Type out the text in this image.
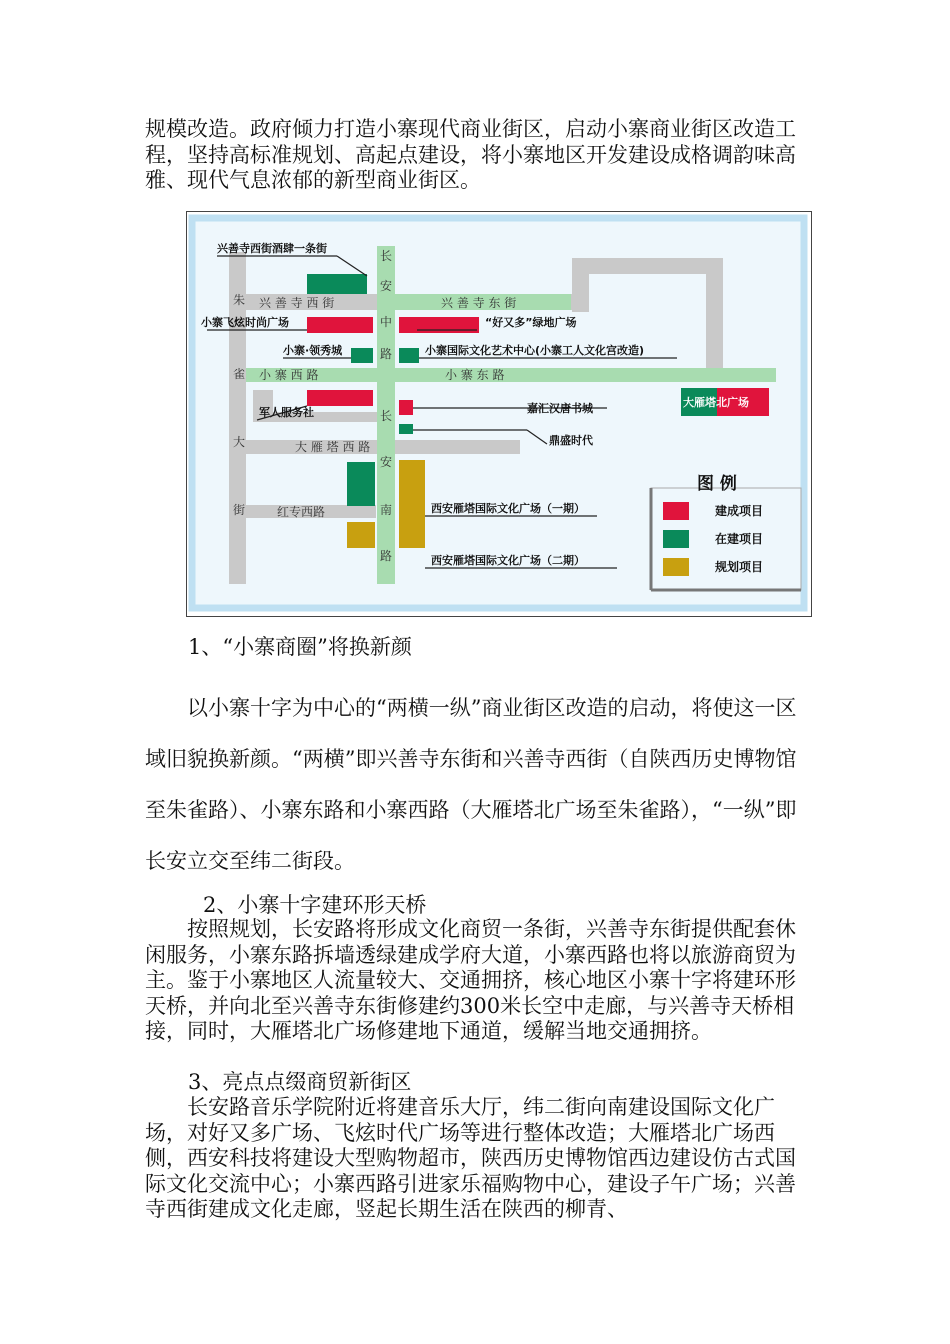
规模改造。政府倾力打造小寨现代商业街区，启动小寨商业街区改造工程，坚持高标准规划、高起点建设，将小寨地区开发建设成格调韵味高雅、现代气息浓郁的新型商业街区。

朱
雀
大
街
长
安
中
路
长
安
南
路
兴 善 寺 西 街	兴 善 寺 东 街
小 寨 西 路	小 寨 东 路
大 雁 塔 西 路
红专西路
兴善寺西街酒肆一条街
小寨飞炫时尚广场	“好又多”绿地广场
小寨·领秀城	小寨国际文化艺术中心(小寨工人文化宫改造)
大雁塔北广场
军人服务社	嘉汇汉唐书城
鼎盛时代
西安雁塔国际文化广场（一期）
西安雁塔国际文化广场（二期）
图 例
建成项目
在建项目
规划项目

1、“小寨商圈”将换新颜

以小寨十字为中心的“两横一纵”商业街区改造的启动，将使这一区域旧貌换新颜。“两横”即兴善寺东街和兴善寺西街（自陕西历史博物馆至朱雀路）、小寨东路和小寨西路（大雁塔北广场至朱雀路），“一纵”即长安立交至纬二街段。

2、小寨十字建环形天桥

按照规划，长安路将形成文化商贸一条街，兴善寺东街提供配套休闲服务，小寨东路拆墙透绿建成学府大道，小寨西路也将以旅游商贸为主。鉴于小寨地区人流量较大、交通拥挤，核心地区小寨十字将建环形天桥，并向北至兴善寺东街修建约300米长空中走廊，与兴善寺天桥相接，同时，大雁塔北广场修建地下通道，缓解当地交通拥挤。

3、亮点点缀商贸新街区

长安路音乐学院附近将建音乐大厅，纬二街向南建设国际文化广场，对好又多广场、飞炫时代广场等进行整体改造；大雁塔北广场西侧，西安科技将建设大型购物超市，陕西历史博物馆西边建设仿古式国际文化交流中心；小寨西路引进家乐福购物中心，建设子午广场；兴善寺西街建成文化走廊，竖起长期生活在陕西的柳青、
